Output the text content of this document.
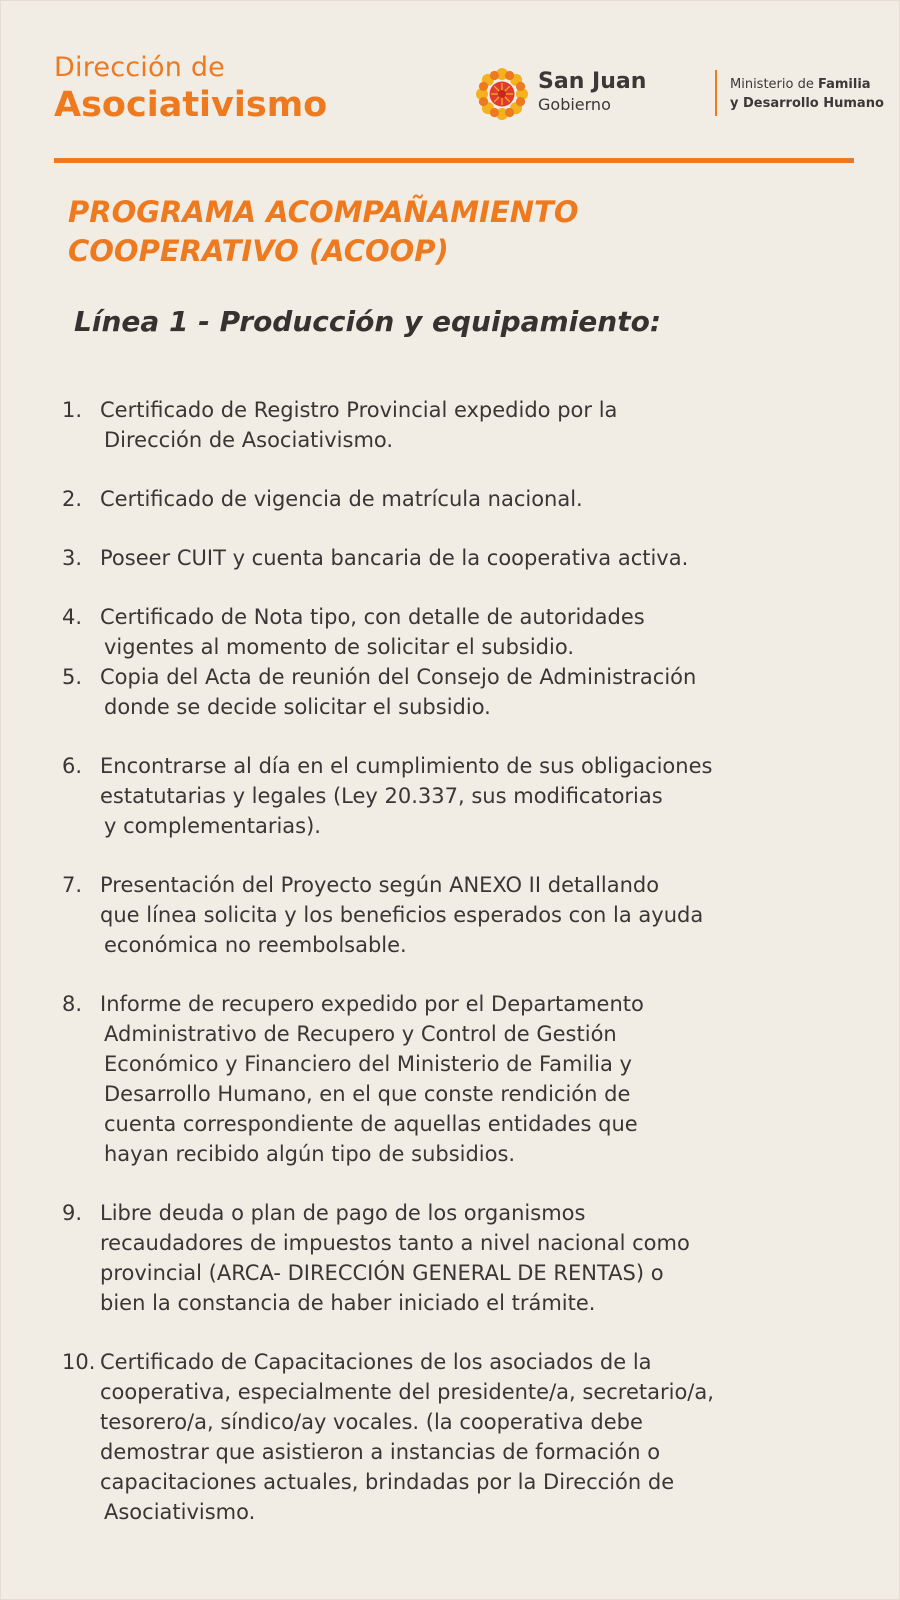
Dirección de
Asociativismo
San Juan
Gobierno
Ministerio de Familia
y Desarrollo Humano
PROGRAMA ACOMPAÑAMIENTO
COOPERATIVO (ACOOP)
Línea 1 - Producción y equipamiento:
1. Certificado de Registro Provincial expedido por la
Dirección de Asociativismo.
2. Certificado de vigencia de matrícula nacional.
3. Poseer CUIT y cuenta bancaria de la cooperativa activa.
4. Certificado de Nota tipo, con detalle de autoridades
vigentes al momento de solicitar el subsidio.
5. Copia del Acta de reunión del Consejo de Administración
donde se decide solicitar el subsidio.
6. Encontrarse al día en el cumplimiento de sus obligaciones
estatutarias y legales (Ley 20.337, sus modificatorias
y complementarias).
7. Presentación del Proyecto según ANEXO II detallando
que línea solicita y los beneficios esperados con la ayuda
económica no reembolsable.
8. Informe de recupero expedido por el Departamento
Administrativo de Recupero y Control de Gestión
Económico y Financiero del Ministerio de Familia y
Desarrollo Humano, en el que conste rendición de
cuenta correspondiente de aquellas entidades que
hayan recibido algún tipo de subsidios.
9. Libre deuda o plan de pago de los organismos
recaudadores de impuestos tanto a nivel nacional como
provincial (ARCA- DIRECCIÓN GENERAL DE RENTAS) o
bien la constancia de haber iniciado el trámite.
10. Certificado de Capacitaciones de los asociados de la
cooperativa, especialmente del presidente/a, secretario/a,
tesorero/a, síndico/ay vocales. (la cooperativa debe
demostrar que asistieron a instancias de formación o
capacitaciones actuales, brindadas por la Dirección de
Asociativismo.
